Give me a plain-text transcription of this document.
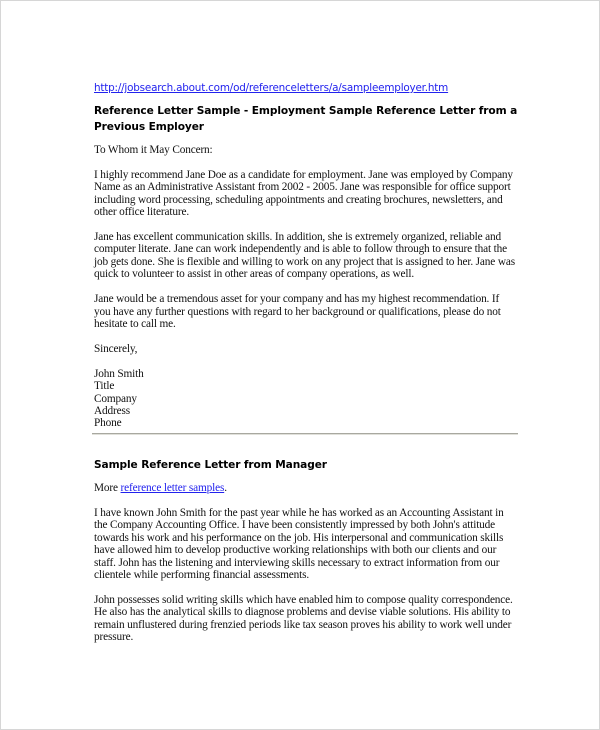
http://jobsearch.about.com/od/referenceletters/a/sampleemployer.htm
Reference Letter Sample - Employment Sample Reference Letter from a Previous Employer

To Whom it May Concern:

I highly recommend Jane Doe as a candidate for employment. Jane was employed by Company Name as an Administrative Assistant from 2002 - 2005. Jane was responsible for office support including word processing, scheduling appointments and creating brochures, newsletters, and other office literature.

Jane has excellent communication skills. In addition, she is extremely organized, reliable and computer literate. Jane can work independently and is able to follow through to ensure that the job gets done. She is flexible and willing to work on any project that is assigned to her. Jane was quick to volunteer to assist in other areas of company operations, as well.

Jane would be a tremendous asset for your company and has my highest recommendation. If you have any further questions with regard to her background or qualifications, please do not hesitate to call me.

Sincerely,

John Smith
Title
Company
Address
Phone
Sample Reference Letter from Manager

More reference letter samples.

I have known John Smith for the past year while he has worked as an Accounting Assistant in the Company Accounting Office. I have been consistently impressed by both John's attitude towards his work and his performance on the job. His interpersonal and communication skills have allowed him to develop productive working relationships with both our clients and our staff. John has the listening and interviewing skills necessary to extract information from our clientele while performing financial assessments.

John possesses solid writing skills which have enabled him to compose quality correspondence. He also has the analytical skills to diagnose problems and devise viable solutions. His ability to remain unflustered during frenzied periods like tax season proves his ability to work well under pressure.
